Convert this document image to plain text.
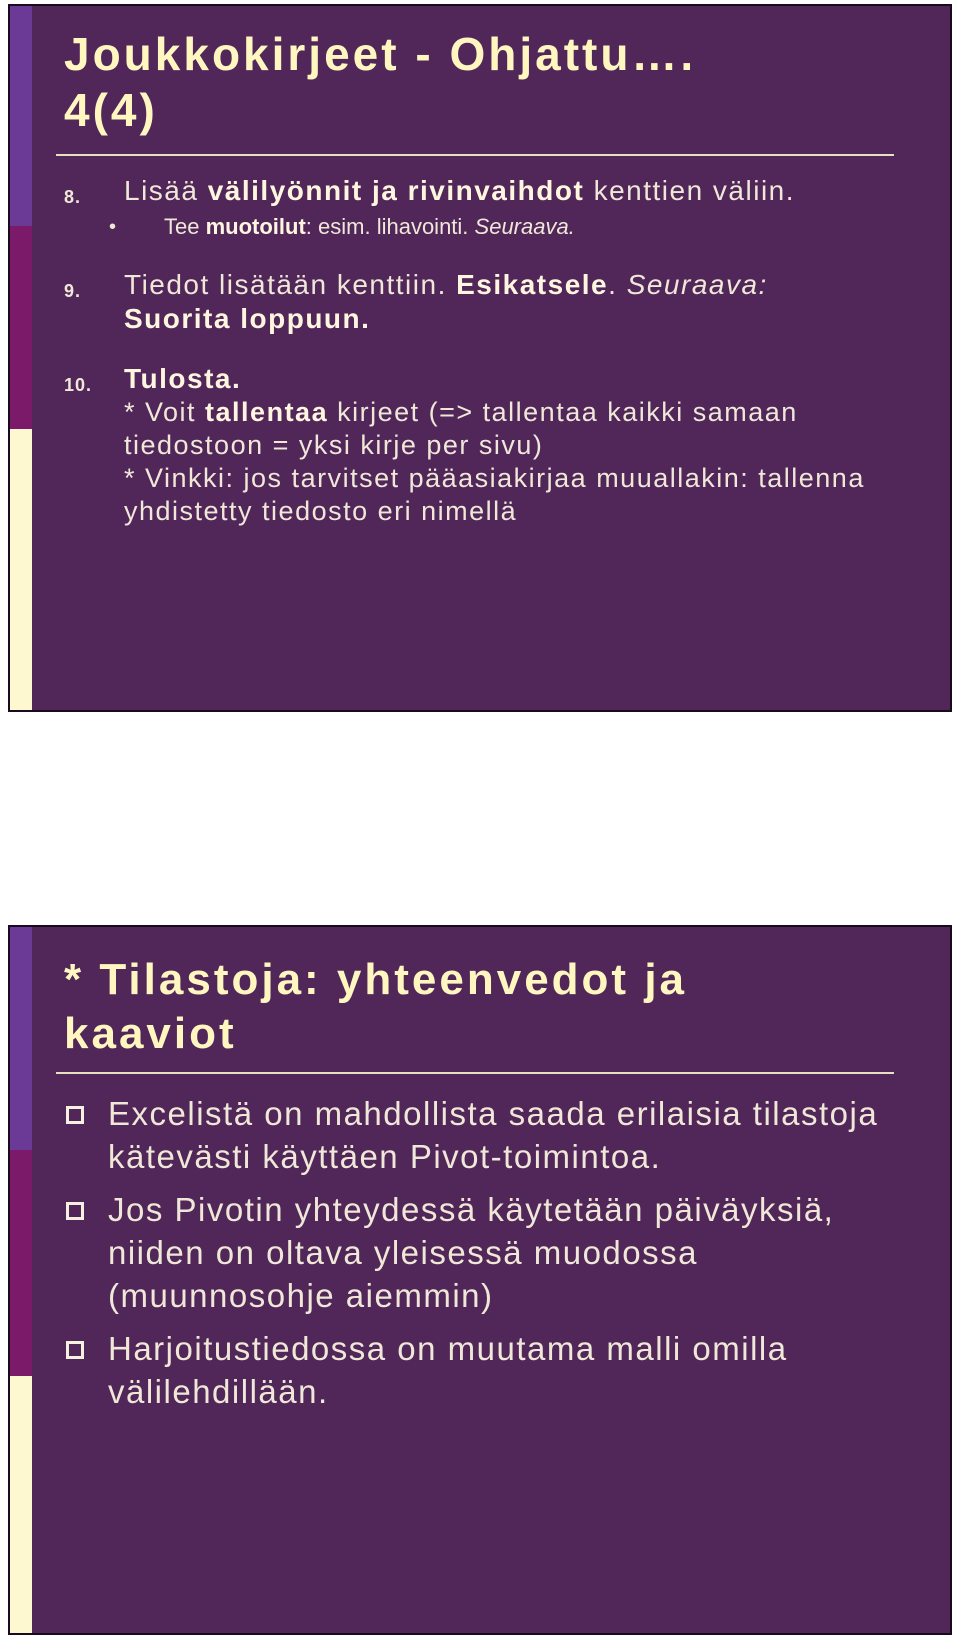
Joukkokirjeet - Ohjattu….
4(4)
8. Lisää välilyönnit ja rivinvaihdot kenttien väliin.
• Tee muotoilut: esim. lihavointi. Seuraava.
9. Tiedot lisätään kenttiin. Esikatsele. Seuraava:
Suorita loppuun.
10. Tulosta.
* Voit tallentaa kirjeet (=> tallentaa kaikki samaan tiedostoon = yksi kirje per sivu)
* Vinkki: jos tarvitset pääasiakirjaa muuallakin: tallenna yhdistetty tiedosto eri nimellä
* Tilastoja: yhteenvedot ja kaaviot
Excelistä on mahdollista saada erilaisia tilastoja kätevästi käyttäen Pivot-toimintoa.
Jos Pivotin yhteydessä käytetään päiväyksiä, niiden on oltava yleisessä muodossa (muunnosohje aiemmin)
Harjoitustiedossa on muutama malli omilla välilehdillään.
